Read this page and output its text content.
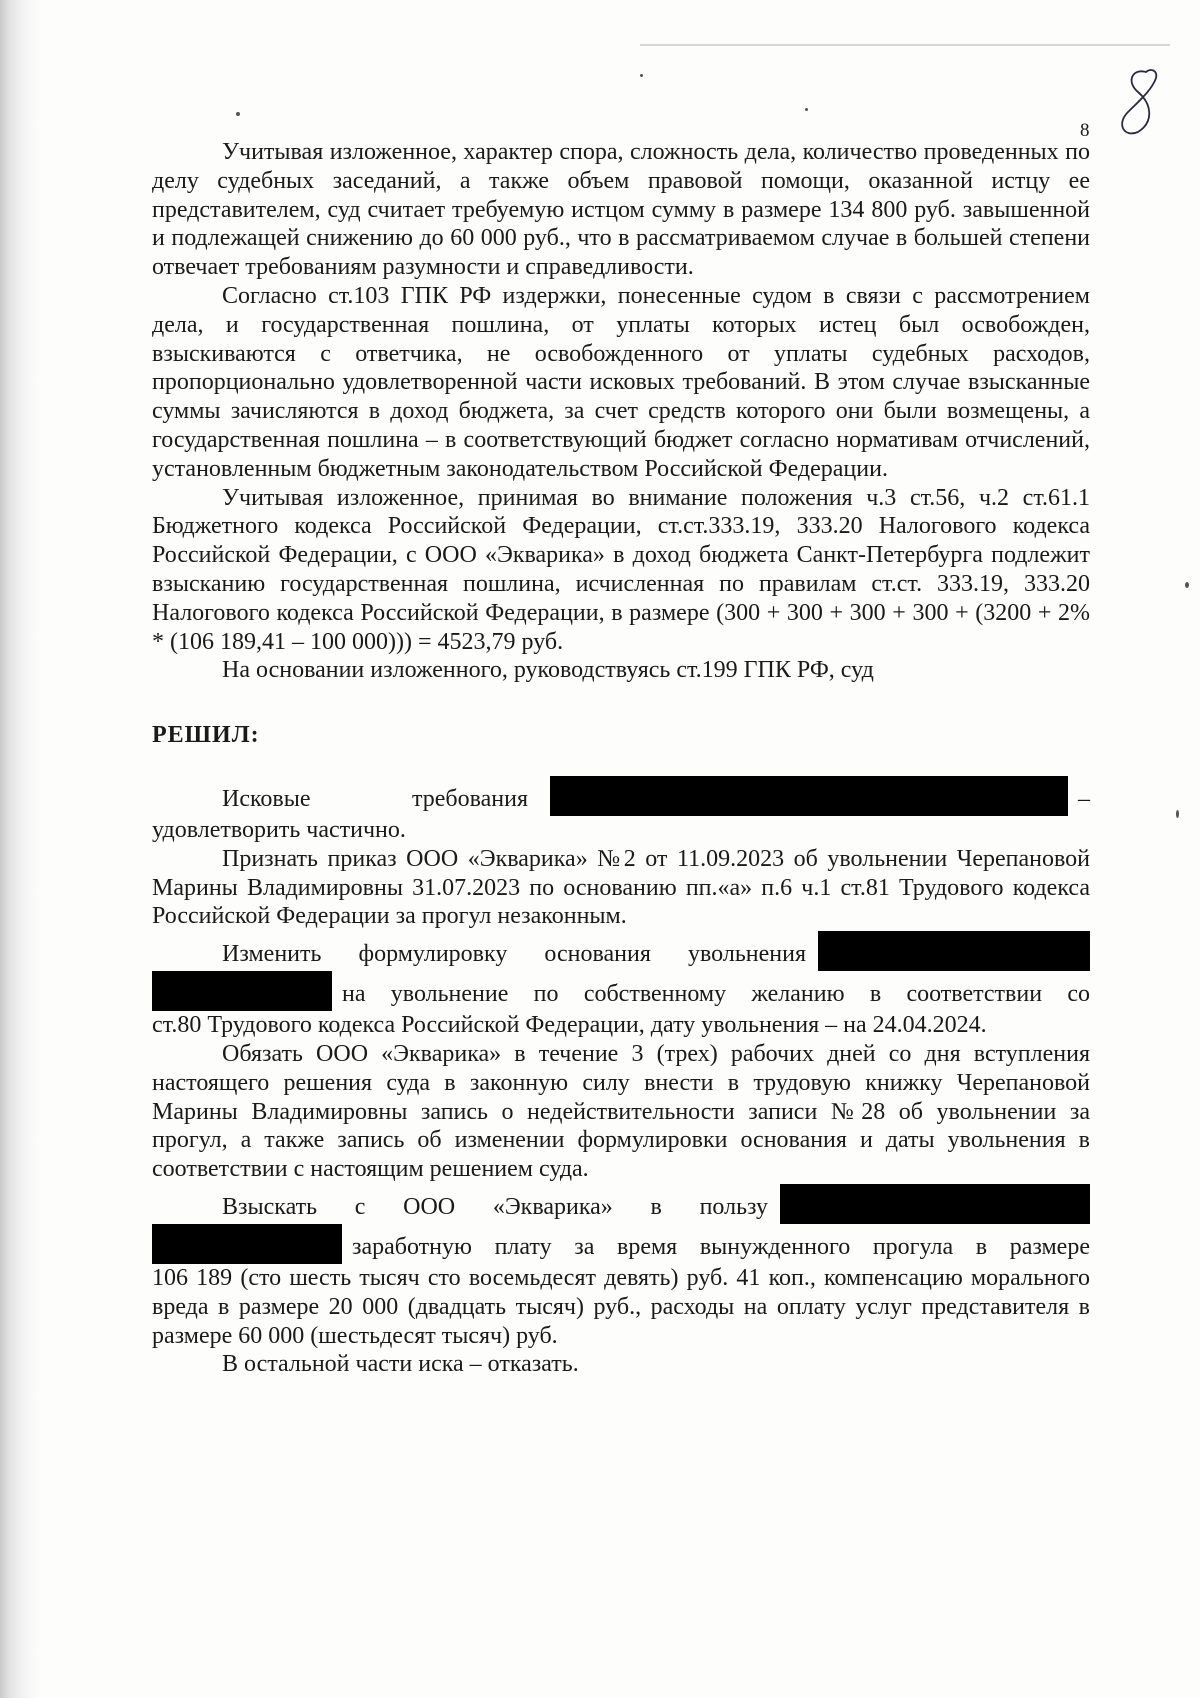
8

Учитывая изложенное, характер спора, сложность дела, количество проведенных по делу судебных заседаний, а также объем правовой помощи, оказанной истцу ее представителем, суд считает требуемую истцом сумму в размере 134 800 руб. завышенной и подлежащей снижению до 60 000 руб., что в рассматриваемом случае в большей степени отвечает требованиям разумности и справедливости.

Согласно ст.103 ГПК РФ издержки, понесенные судом в связи с рассмотрением дела, и государственная пошлина, от уплаты которых истец был освобожден, взыскиваются с ответчика, не освобожденного от уплаты судебных расходов, пропорционально удовлетворенной части исковых требований. В этом случае взысканные суммы зачисляются в доход бюджета, за счет средств которого они были возмещены, а государственная пошлина – в соответствующий бюджет согласно нормативам отчислений, установленным бюджетным законодательством Российской Федерации.

Учитывая изложенное, принимая во внимание положения ч.3 ст.56, ч.2 ст.61.1 Бюджетного кодекса Российской Федерации, ст.ст.333.19, 333.20 Налогового кодекса Российской Федерации, с ООО «Экварика» в доход бюджета Санкт-Петербурга подлежит взысканию государственная пошлина, исчисленная по правилам ст.ст. 333.19, 333.20 Налогового кодекса Российской Федерации, в размере (300 + 300 + 300 + 300 + (3200 + 2% * (106 189,41 – 100 000))) = 4523,79 руб.

На основании изложенного, руководствуясь ст.199 ГПК РФ, суд

РЕШИЛ:

Исковые требования	–

удовлетворить частично.

Признать приказ ООО «Экварика» №2 от 11.09.2023 об увольнении Черепановой Марины Владимировны 31.07.2023 по основанию пп.«а» п.6 ч.1 ст.81 Трудового кодекса Российской Федерации за прогул незаконным.

Изменить формулировку основания увольнения

на увольнение по собственному желанию в соответствии со
ст.80 Трудового кодекса Российской Федерации, дату увольнения – на 24.04.2024.

Обязать ООО «Экварика» в течение 3 (трех) рабочих дней со дня вступления настоящего решения суда в законную силу внести в трудовую книжку Черепановой Марины Владимировны запись о недействительности записи №28 об увольнении за прогул, а также запись об изменении формулировки основания и даты увольнения в соответствии с настоящим решением суда.

Взыскать с ООО «Экварика» в пользу

заработную плату за время вынужденного прогула в размере
106 189 (сто шесть тысяч сто восемьдесят девять) руб. 41 коп., компенсацию морального вреда в размере 20 000 (двадцать тысяч) руб., расходы на оплату услуг представителя в размере 60 000 (шестьдесят тысяч) руб.

В остальной части иска – отказать.
